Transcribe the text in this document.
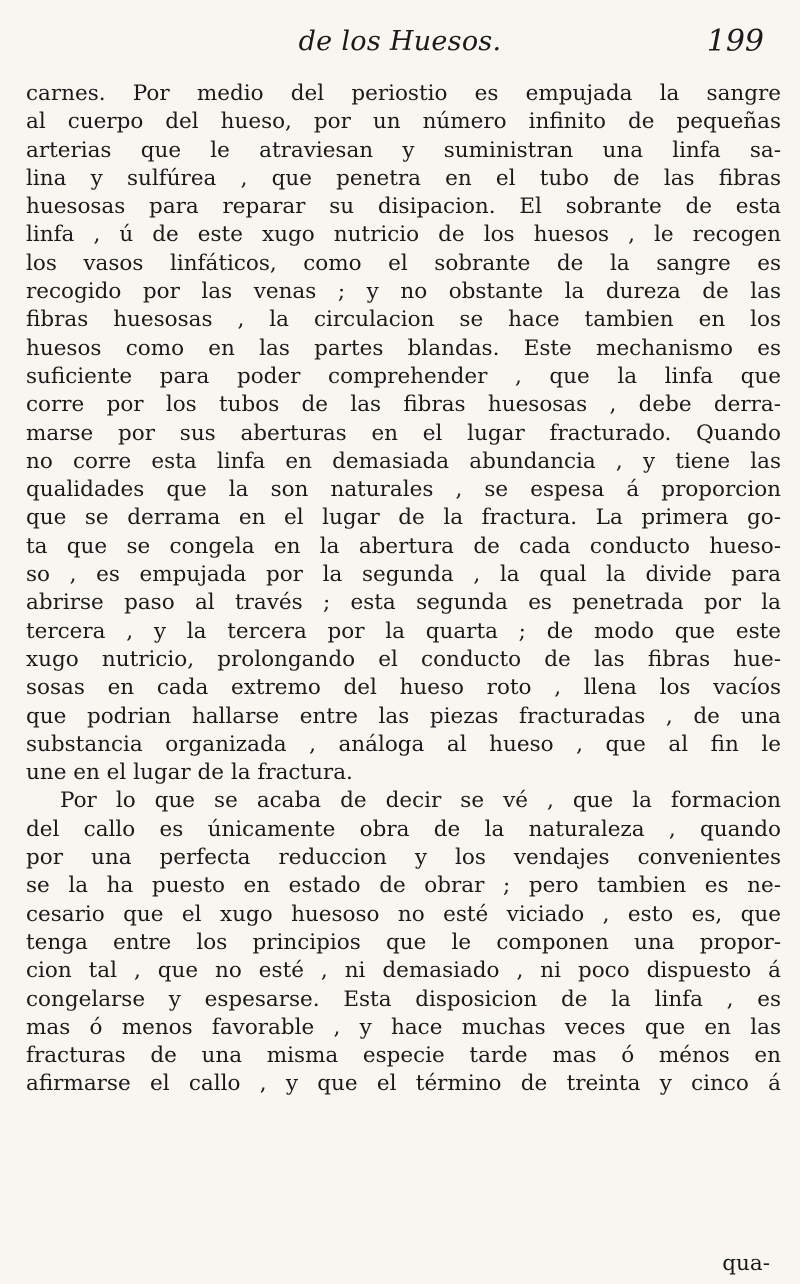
de los Huesos.	199
carnes. Por medio del periostio es empujada la sangre
al cuerpo del hueso, por un número infinito de pequeñas
arterias que le atraviesan y suministran una linfa sa-
lina y sulfúrea , que penetra en el tubo de las fibras
huesosas para reparar su disipacion. El sobrante de esta
linfa , ú de este xugo nutricio de los huesos , le recogen
los vasos linfáticos, como el sobrante de la sangre es
recogido por las venas ; y no obstante la dureza de las
fibras huesosas , la circulacion se hace tambien en los
huesos como en las partes blandas. Este mechanismo es
suficiente para poder comprehender , que la linfa que
corre por los tubos de las fibras huesosas , debe derra-
marse por sus aberturas en el lugar fracturado. Quando
no corre esta linfa en demasiada abundancia , y tiene las
qualidades que la son naturales , se espesa á proporcion
que se derrama en el lugar de la fractura. La primera go-
ta que se congela en la abertura de cada conducto hueso-
so , es empujada por la segunda , la qual la divide para
abrirse paso al través ; esta segunda es penetrada por la
tercera , y la tercera por la quarta ; de modo que este
xugo nutricio, prolongando el conducto de las fibras hue-
sosas en cada extremo del hueso roto , llena los vacíos
que podrian hallarse entre las piezas fracturadas , de una
substancia organizada , análoga al hueso , que al fin le
une en el lugar de la fractura.
Por lo que se acaba de decir se vé , que la formacion
del callo es únicamente obra de la naturaleza , quando
por una perfecta reduccion y los vendajes convenientes
se la ha puesto en estado de obrar ; pero tambien es ne-
cesario que el xugo huesoso no esté viciado , esto es, que
tenga entre los principios que le componen una propor-
cion tal , que no esté , ni demasiado , ni poco dispuesto á
congelarse y espesarse. Esta disposicion de la linfa , es
mas ó menos favorable , y hace muchas veces que en las
fracturas de una misma especie tarde mas ó ménos en
afirmarse el callo , y que el término de treinta y cinco á
qua-
